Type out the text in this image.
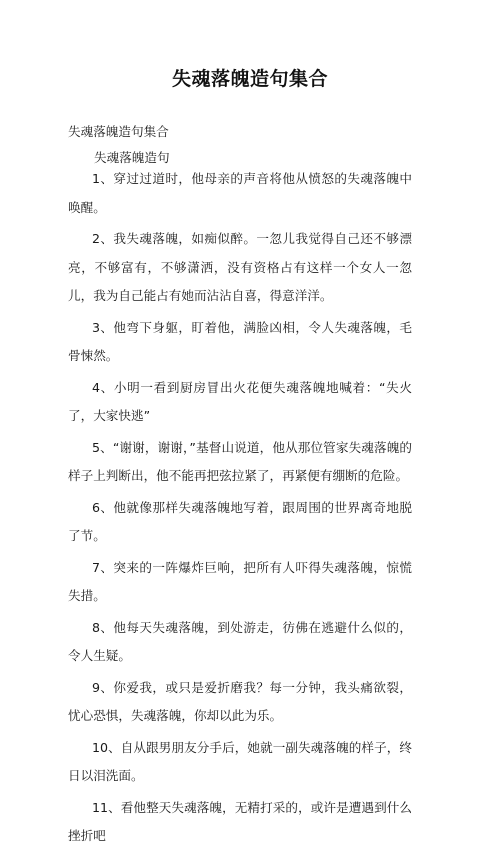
失魂落魄造句集合
失魂落魄造句集合
失魂落魄造句

1、穿过过道时，他母亲的声音将他从愤怒的失魂落魄中唤醒。

2、我失魂落魄，如痴似醉。一忽儿我觉得自己还不够漂亮，不够富有，不够潇洒，没有资格占有这样一个女人一忽儿，我为自己能占有她而沾沾自喜，得意洋洋。

3、他弯下身躯，盯着他，满脸凶相，令人失魂落魄，毛骨悚然。

4、小明一看到厨房冒出火花便失魂落魄地喊着：“失火了，大家快逃”

5、“谢谢，谢谢，”基督山说道，他从那位管家失魂落魄的样子上判断出，他不能再把弦拉紧了，再紧便有绷断的危险。

6、他就像那样失魂落魄地写着，跟周围的世界离奇地脱了节。

7、突来的一阵爆炸巨响，把所有人吓得失魂落魄，惊慌失措。

8、他每天失魂落魄，到处游走，彷佛在逃避什么似的，令人生疑。

9、你爱我，或只是爱折磨我？每一分钟，我头痛欲裂，忧心恐惧，失魂落魄，你却以此为乐。

10、自从跟男朋友分手后，她就一副失魂落魄的样子，终日以泪洗面。

11、看他整天失魂落魄，无精打采的，或许是遭遇到什么挫折吧
